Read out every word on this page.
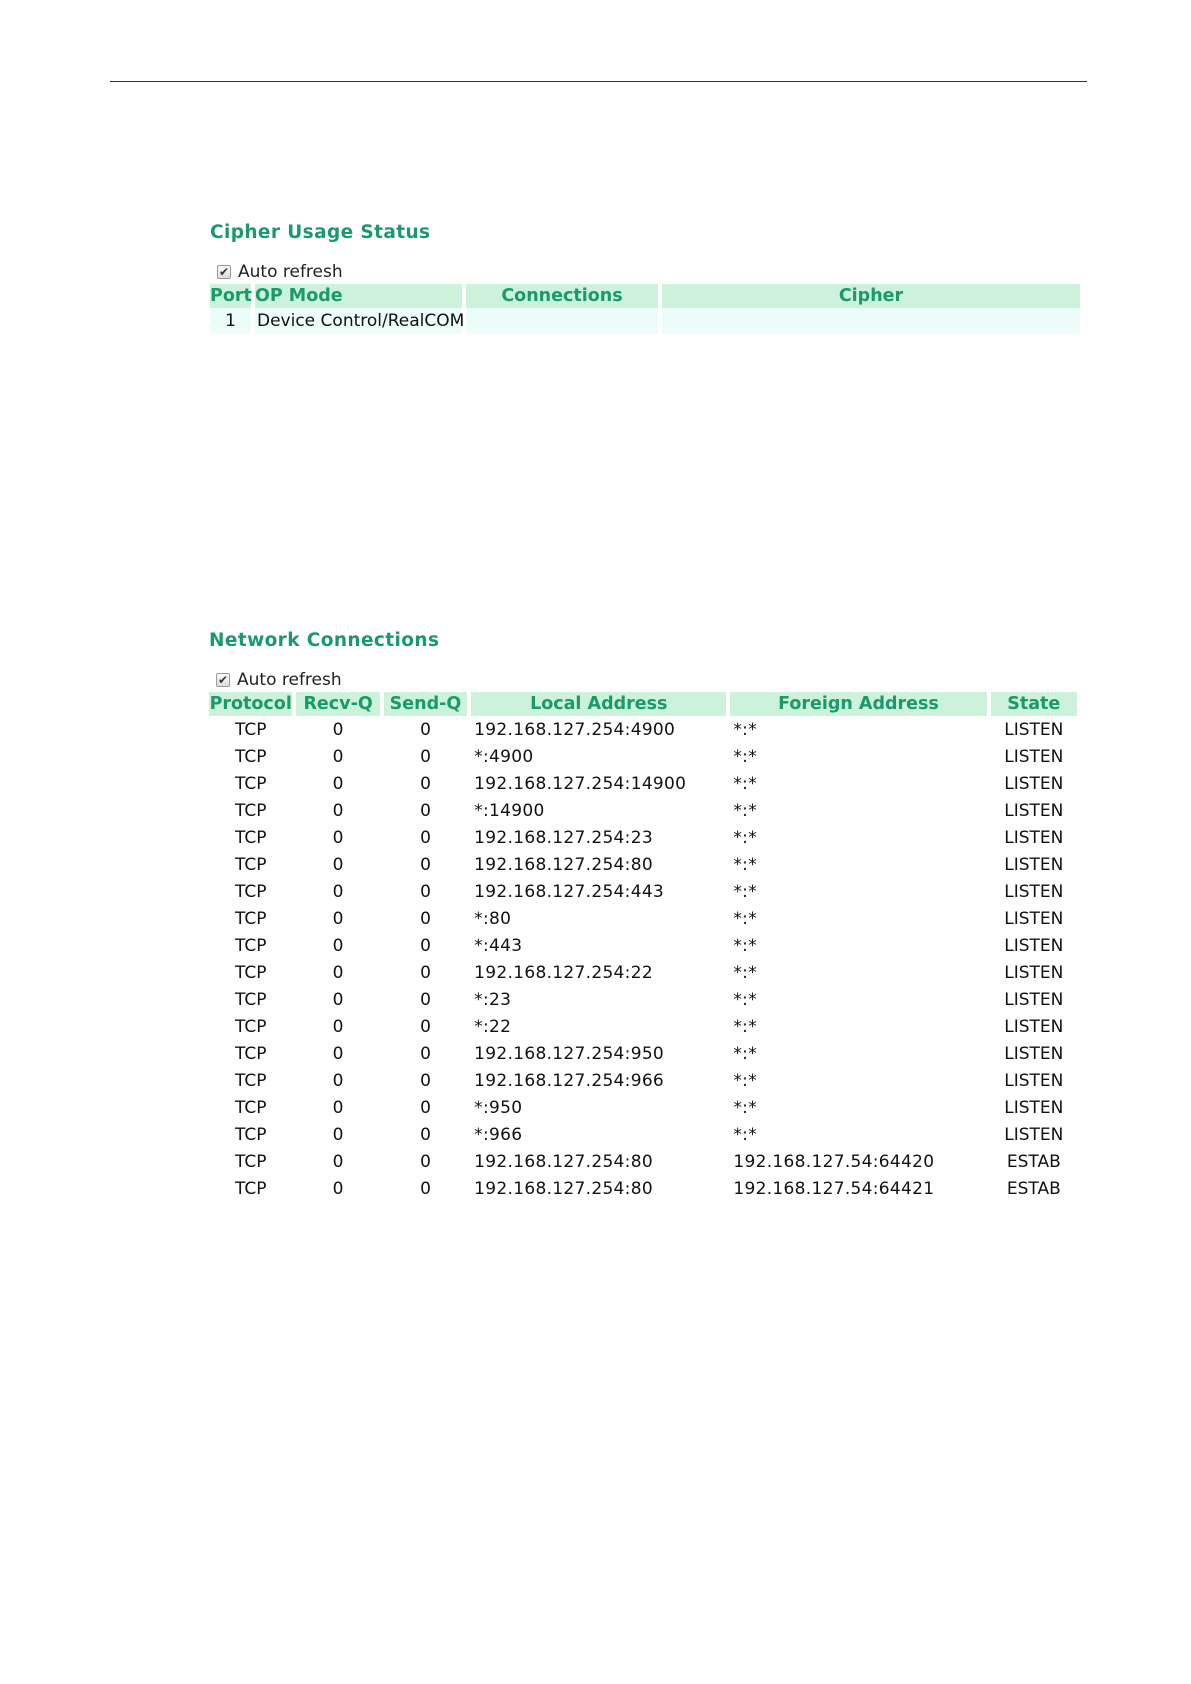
Cipher Usage Status
✔ Auto refresh
Port	OP Mode	Connections	Cipher
1	Device Control/RealCOM		
Network Connections
✔ Auto refresh
Protocol	Recv-Q	Send-Q	Local Address	Foreign Address	State
TCP	0	0	192.168.127.254:4900	*:*	LISTEN
TCP	0	0	*:4900	*:*	LISTEN
TCP	0	0	192.168.127.254:14900	*:*	LISTEN
TCP	0	0	*:14900	*:*	LISTEN
TCP	0	0	192.168.127.254:23	*:*	LISTEN
TCP	0	0	192.168.127.254:80	*:*	LISTEN
TCP	0	0	192.168.127.254:443	*:*	LISTEN
TCP	0	0	*:80	*:*	LISTEN
TCP	0	0	*:443	*:*	LISTEN
TCP	0	0	192.168.127.254:22	*:*	LISTEN
TCP	0	0	*:23	*:*	LISTEN
TCP	0	0	*:22	*:*	LISTEN
TCP	0	0	192.168.127.254:950	*:*	LISTEN
TCP	0	0	192.168.127.254:966	*:*	LISTEN
TCP	0	0	*:950	*:*	LISTEN
TCP	0	0	*:966	*:*	LISTEN
TCP	0	0	192.168.127.254:80	192.168.127.54:64420	ESTAB
TCP	0	0	192.168.127.254:80	192.168.127.54:64421	ESTAB
